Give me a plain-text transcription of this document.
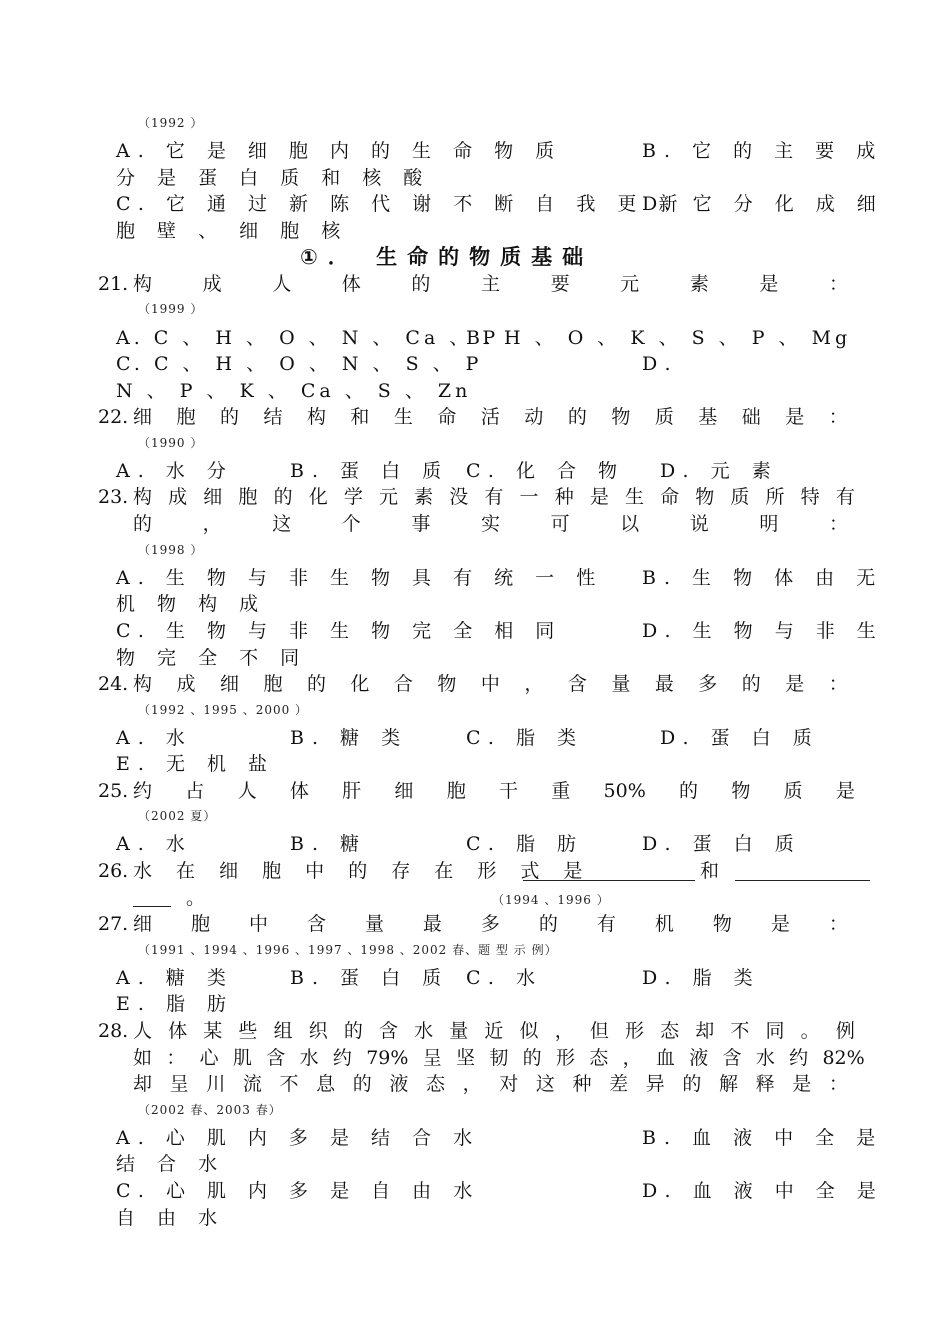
（1992 ）
A. 它 是 细 胞 内 的 生 命 物 质	B. 它 的 主 要 成
分 是 蛋 白 质 和 核 酸
C. 它 通 过 新 陈 代 谢 不 断 自 我 更 新
D. 它 分 化 成 细
胞 壁 、 细 胞 核
①． 生命的物质基础
21. 构	成	人	体	的	主	要	元	素	是	：
（1999 ）
A. C 、 H 、 O 、 N 、 Ca 、 P
B. H 、 O 、 K 、 S 、 P 、 Mg
C. C 、 H 、 O 、 N 、 S 、 P	D.
N 、 P 、 K 、 Ca 、 S 、 Zn
22. 细 胞 的 结 构 和 生 命 活 动 的 物 质 基 础 是 ：
（1990 ）
A. 水 分	B. 蛋 白 质 C. 化 合 物 D. 元 素
23. 构 成 细 胞 的 化 学 元 素 没 有 一 种 是 生 命 物 质 所 特 有
的	，	这	个	事	实	可	以	说	明	：
（1998 ）
A. 生 物 与 非 生 物 具 有 统 一 性 B. 生 物 体 由 无
机 物 构 成
C. 生 物 与 非 生 物 完 全 相 同	D. 生 物 与 非 生
物 完 全 不 同
24. 构 成 细 胞 的 化 合 物 中 ， 含 量 最 多 的 是 ：
（1992 、1995 、2000 ）
A. 水	B. 糖 类	C. 脂 类	D. 蛋 白 质
E. 无 机 盐
25. 约 占 人 体 肝 细 胞 干 重 50% 的 物 质 是
（2002 夏）
A. 水	B. 糖	C. 脂 肪	D. 蛋 白 质
26. 水 在 细 胞 中 的 存 在 形 式 是	和
。	（1994 、1996 ）
27. 细 胞 中 含 量 最 多 的 有 机 物 是 ：
（1991 、1994 、1996 、1997 、1998 、2002 春、题 型 示 例）
A. 糖 类	B. 蛋 白 质 C. 水	D. 脂 类
E. 脂 肪
28. 人 体 某 些 组 织 的 含 水 量 近 似 ， 但 形 态 却 不 同 。 例
如 ： 心 肌 含 水 约 79% 呈 坚 韧 的 形 态 ， 血 液 含 水 约 82%
却 呈 川 流 不 息 的 液 态 ， 对 这 种 差 异 的 解 释 是 ：
（2002 春、2003 春）
A. 心 肌 内 多 是 结 合 水	B. 血 液 中 全 是
结 合 水
C. 心 肌 内 多 是 自 由 水	D. 血 液 中 全 是
自 由 水
